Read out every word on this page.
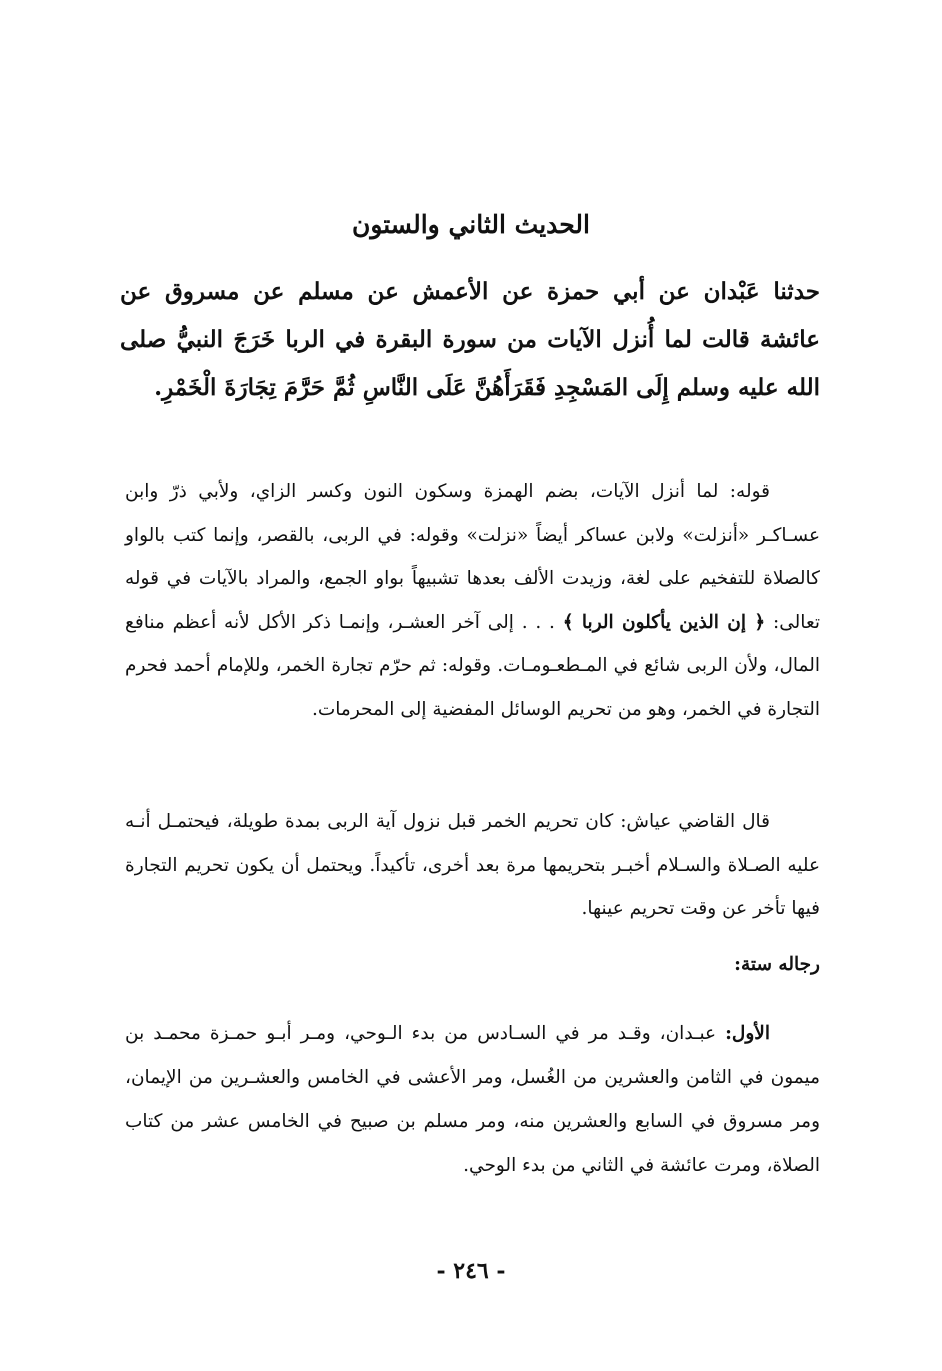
الحديث الثاني والستون
حدثنا عَبْدان عن أبي حمزة عن الأعمش عن مسلم عن مسروق عن عائشة قالت لما أُنزل الآيات من سورة البقرة في الربا خَرَجَ النبيُّ صلى الله عليه وسلم إِلَى المَسْجِدِ فَقَرَأَهُنَّ عَلَى النَّاسِ ثُمَّ حَرَّمَ تِجَارَةَ الْخَمْرِ.
قوله: لما أنزل الآيات، بضم الهمزة وسكون النون وكسر الزاي، ولأبي ذرّ وابن عسـاكـر «أنزلت» ولابن عساكر أيضاً «نزلت» وقوله: في الربى، بالقصر، وإنما كتب بالواو كالصلاة للتفخيم على لغة، وزيدت الألف بعدها تشبيهاً بواو الجمع، والمراد بالآيات في قوله تعالى: ﴿ إن الذين يأكلون الربا ﴾ . . . إلى آخر العشـر، وإنمـا ذكر الأكل لأنه أعظم منافع المال، ولأن الربى شائع في المـطعـومـات. وقوله: ثم حرّم تجارة الخمر، وللإمام أحمد فحرم التجارة في الخمر، وهو من تحريم الوسائل المفضية إلى المحرمات.
قال القاضي عياش: كان تحريم الخمر قبل نزول آية الربى بمدة طويلة، فيحتمـل أنـه عليه الصـلاة والسـلام أخبـر بتحريمها مرة بعد أخرى، تأكيداً. ويحتمل أن يكون تحريم التجارة فيها تأخر عن وقت تحريم عينها.
رجاله ستة:
الأول: عبـدان، وقـد مر في السـادس من بدء الـوحي، ومـر أبـو حمـزة محمـد بن ميمون في الثامن والعشرين من الغُسل، ومر الأعشى في الخامس والعشـرين من الإيمان، ومر مسروق في السابع والعشرين منه، ومر مسلم بن صبيح في الخامس عشر من كتاب الصلاة، ومرت عائشة في الثاني من بدء الوحي.
- ٢٤٦ -
